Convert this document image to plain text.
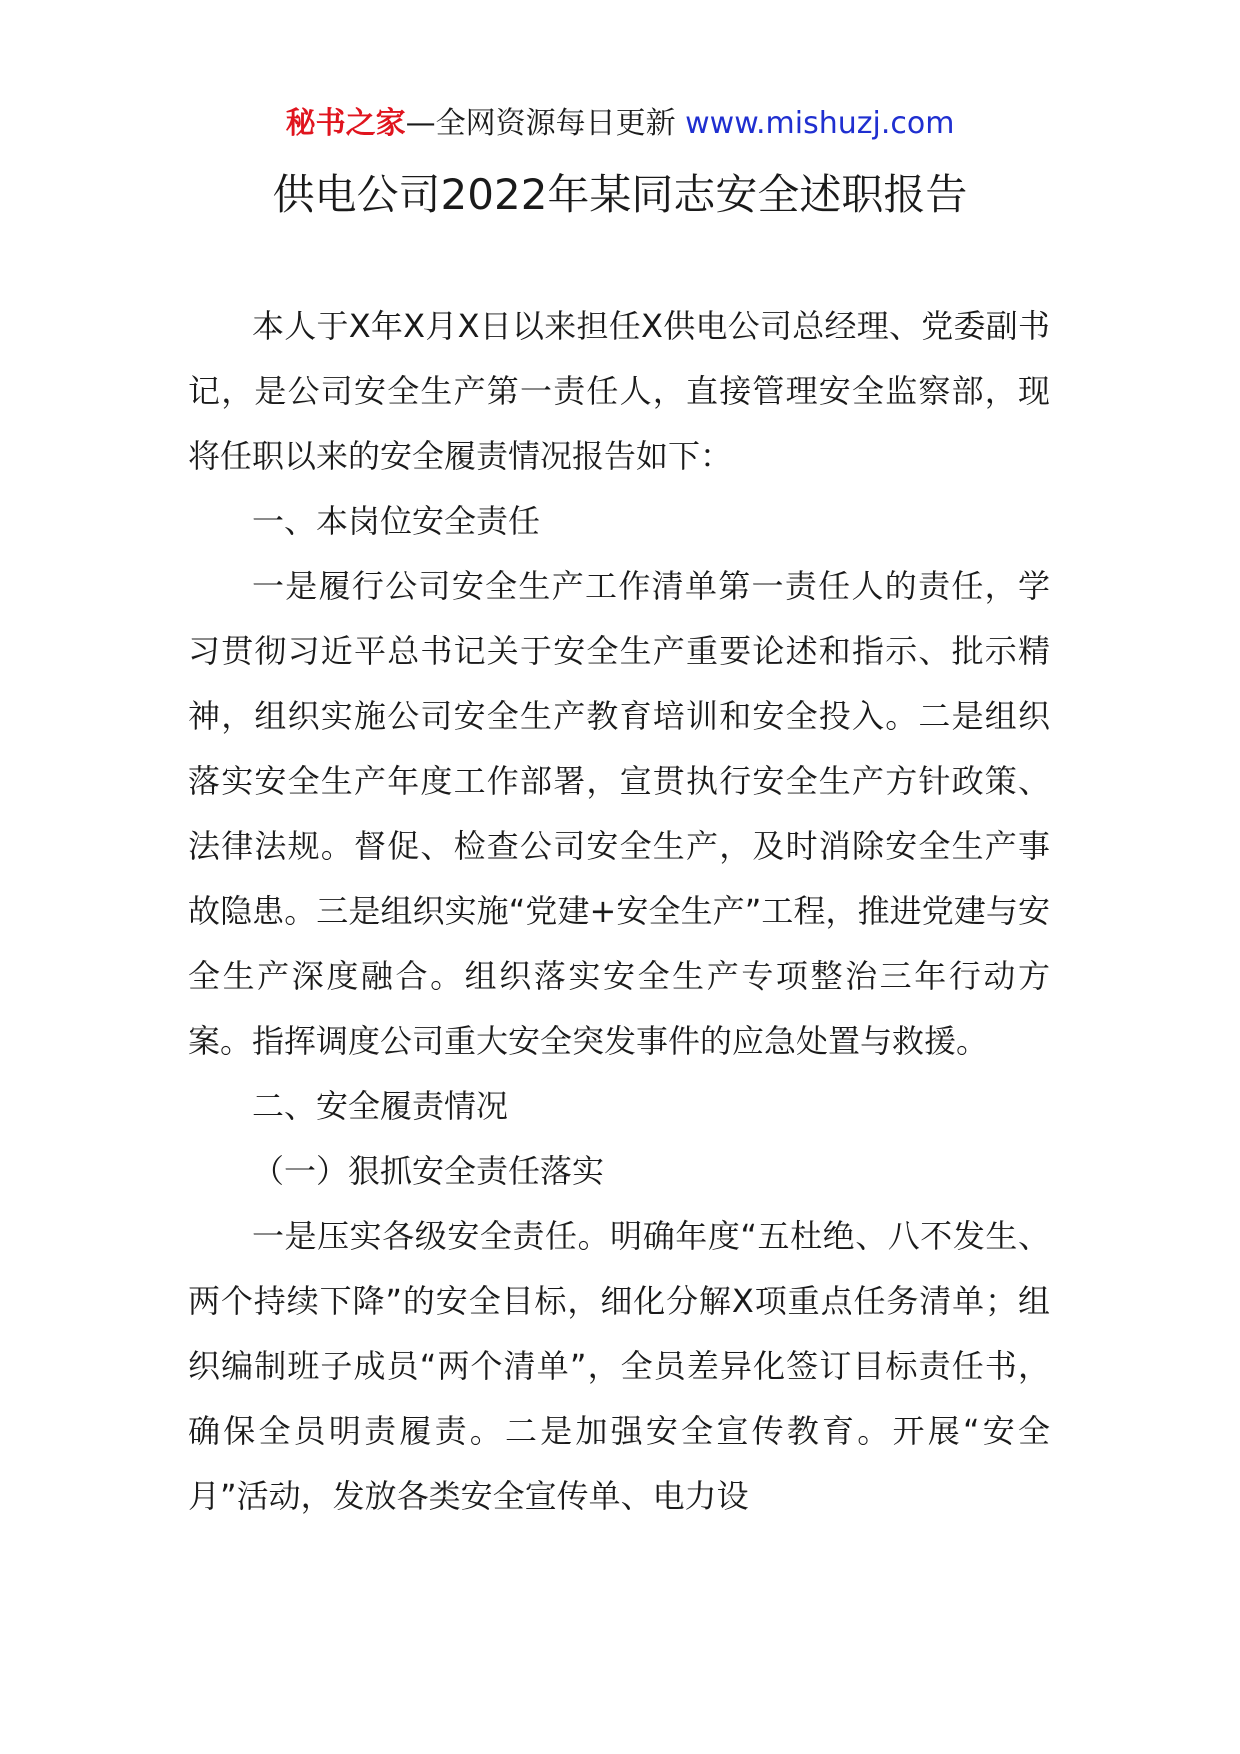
秘书之家—全网资源每日更新 www.mishuzj.com
供电公司2022年某同志安全述职报告

本人于X年X月X日以来担任X供电公司总经理、党委副书记，是公司安全生产第一责任人，直接管理安全监察部，现将任职以来的安全履责情况报告如下：

一、本岗位安全责任

一是履行公司安全生产工作清单第一责任人的责任，学习贯彻习近平总书记关于安全生产重要论述和指示、批示精神，组织实施公司安全生产教育培训和安全投入。二是组织落实安全生产年度工作部署，宣贯执行安全生产方针政策、法律法规。督促、检查公司安全生产，及时消除安全生产事故隐患。三是组织实施“党建+安全生产”工程，推进党建与安全生产深度融合。组织落实安全生产专项整治三年行动方案。指挥调度公司重大安全突发事件的应急处置与救援。

二、安全履责情况

（一）狠抓安全责任落实

一是压实各级安全责任。明确年度“五杜绝、八不发生、两个持续下降”的安全目标，细化分解X项重点任务清单；组织编制班子成员“两个清单”，全员差异化签订目标责任书，确保全员明责履责。二是加强安全宣传教育。开展“安全月”活动，发放各类安全宣传单、电力设
